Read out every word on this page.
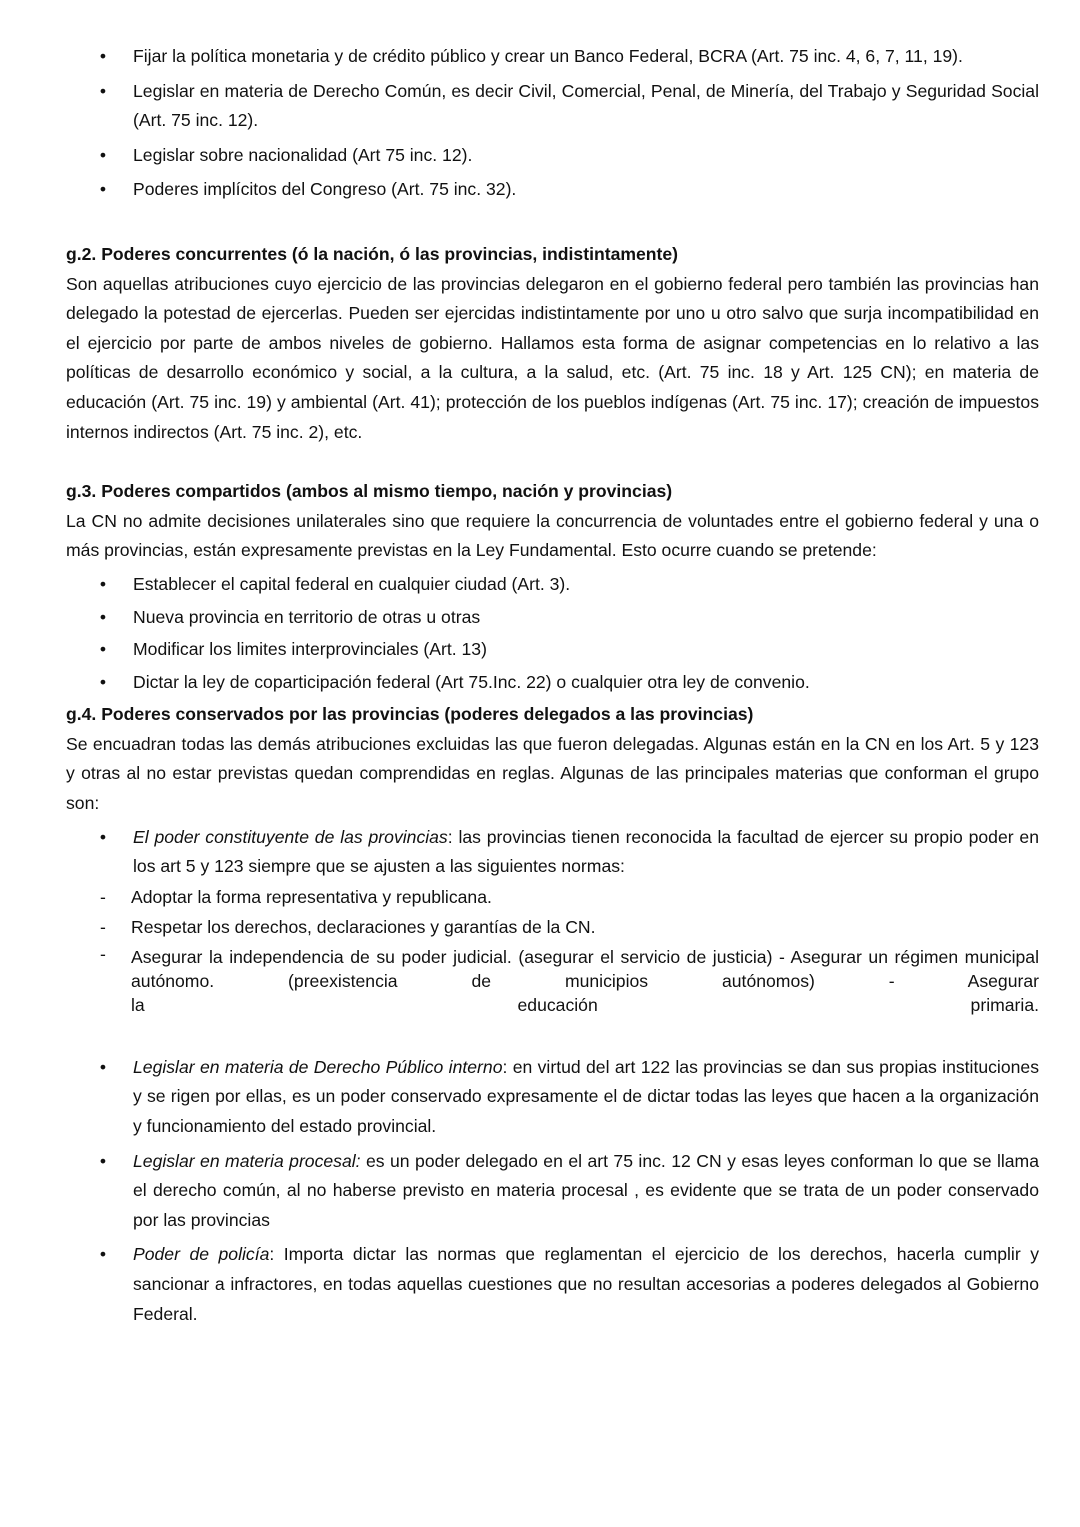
• Fijar la política monetaria y de crédito público y crear un Banco Federal, BCRA (Art. 75 inc. 4, 6, 7, 11, 19).
• Legislar en materia de Derecho Común, es decir Civil, Comercial, Penal, de Minería, del Trabajo y Seguridad Social (Art. 75 inc. 12).
• Legislar sobre nacionalidad (Art 75 inc. 12).
• Poderes implícitos del Congreso (Art. 75 inc. 32).

g.2. Poderes concurrentes (ó la nación, ó las provincias, indistintamente)

Son aquellas atribuciones cuyo ejercicio de las provincias delegaron en el gobierno federal pero también las provincias han delegado la potestad de ejercerlas. Pueden ser ejercidas indistintamente por uno u otro salvo que surja incompatibilidad en el ejercicio por parte de ambos niveles de gobierno. Hallamos esta forma de asignar competencias en lo relativo a las políticas de desarrollo económico y social, a la cultura, a la salud, etc. (Art. 75 inc. 18 y Art. 125 CN); en materia de educación (Art. 75 inc. 19) y ambiental (Art. 41); protección de los pueblos indígenas (Art. 75 inc. 17); creación de impuestos internos indirectos (Art. 75 inc. 2), etc.

g.3. Poderes compartidos (ambos al mismo tiempo, nación y provincias)

La CN no admite decisiones unilaterales sino que requiere la concurrencia de voluntades entre el gobierno federal y una o más provincias, están expresamente previstas en la Ley Fundamental. Esto ocurre cuando se pretende:

• Establecer el capital federal en cualquier ciudad (Art. 3).
• Nueva provincia en territorio de otras u otras
• Modificar los limites interprovinciales (Art. 13)
• Dictar la ley de coparticipación federal (Art 75.Inc. 22) o cualquier otra ley de convenio.

g.4. Poderes conservados por las provincias (poderes delegados a las provincias)

Se encuadran todas las demás atribuciones excluidas las que fueron delegadas. Algunas están en la CN en los Art. 5 y 123 y otras al no estar previstas quedan comprendidas en reglas. Algunas de las principales materias que conforman el grupo son:

• El poder constituyente de las provincias: las provincias tienen reconocida la facultad de ejercer su propio poder en los art 5 y 123 siempre que se ajusten a las siguientes normas:
- Adoptar la forma representativa y republicana.
- Respetar los derechos, declaraciones y garantías de la CN.
- Asegurar la independencia de su poder judicial. (asegurar el servicio de justicia) - Asegurar un régimen municipal autónomo. (preexistencia de municipios autónomos) - Asegurar
la educación primaria.
• Legislar en materia de Derecho Público interno: en virtud del art 122 las provincias se dan sus propias instituciones y se rigen por ellas, es un poder conservado expresamente el de dictar todas las leyes que hacen a la organización y funcionamiento del estado provincial.
• Legislar en materia procesal: es un poder delegado en el art 75 inc. 12 CN y esas leyes conforman lo que se llama el derecho común, al no haberse previsto en materia procesal , es evidente que se trata de un poder conservado por las provincias
• Poder de policía: Importa dictar las normas que reglamentan el ejercicio de los derechos, hacerla cumplir y sancionar a infractores, en todas aquellas cuestiones que no resultan accesorias a poderes delegados al Gobierno Federal.
